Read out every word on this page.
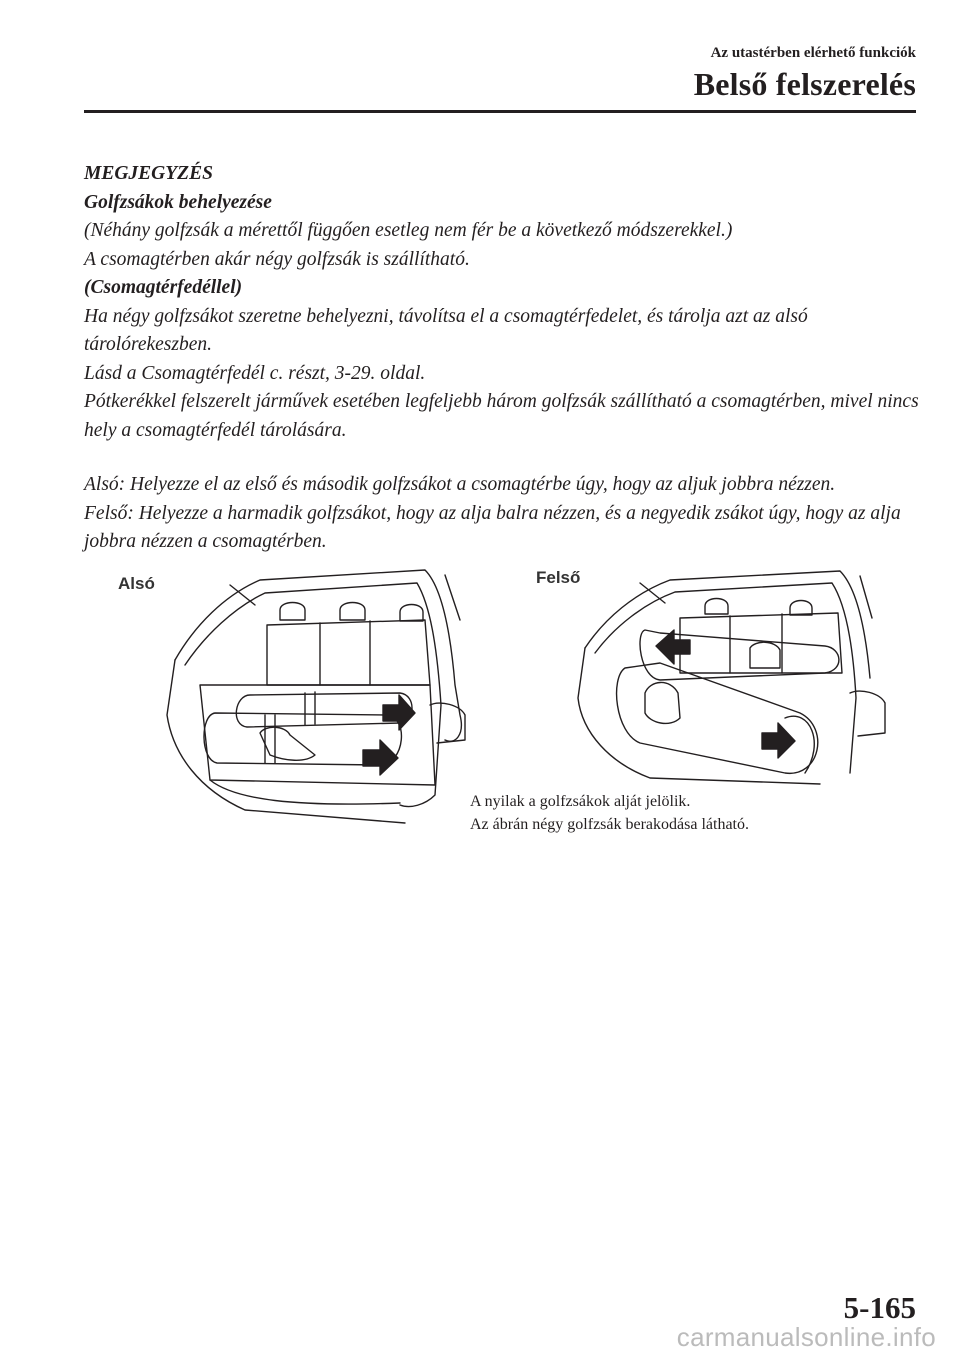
Az utastérben elérhető funkciók
Belső felszerelés

MEGJEGYZÉS

Golfzsákok behelyezése

(Néhány golfzsák a mérettől függően esetleg nem fér be a következő módszerekkel.)

A csomagtérben akár négy golfzsák is szállítható.

(Csomagtérfedéllel)

Ha négy golfzsákot szeretne behelyezni, távolítsa el a csomagtérfedelet, és tárolja azt az alsó tárolórekeszben.

Lásd a Csomagtérfedél c. részt, 3-29. oldal.

Pótkerékkel felszerelt járművek esetében legfeljebb három golfzsák szállítható a csomagtérben, mivel nincs hely a csomagtérfedél tárolására.

Alsó: Helyezze el az első és második golfzsákot a csomagtérbe úgy, hogy az aljuk jobbra nézzen.

Felső: Helyezze a harmadik golfzsákot, hogy az alja balra nézzen, és a negyedik zsákot úgy, hogy az alja jobbra nézzen a csomagtérben.

Alsó	Felső

A nyilak a golfzsákok alját jelölik.

Az ábrán négy golfzsák berakodása látható.

5-165
carmanualsonline.info
